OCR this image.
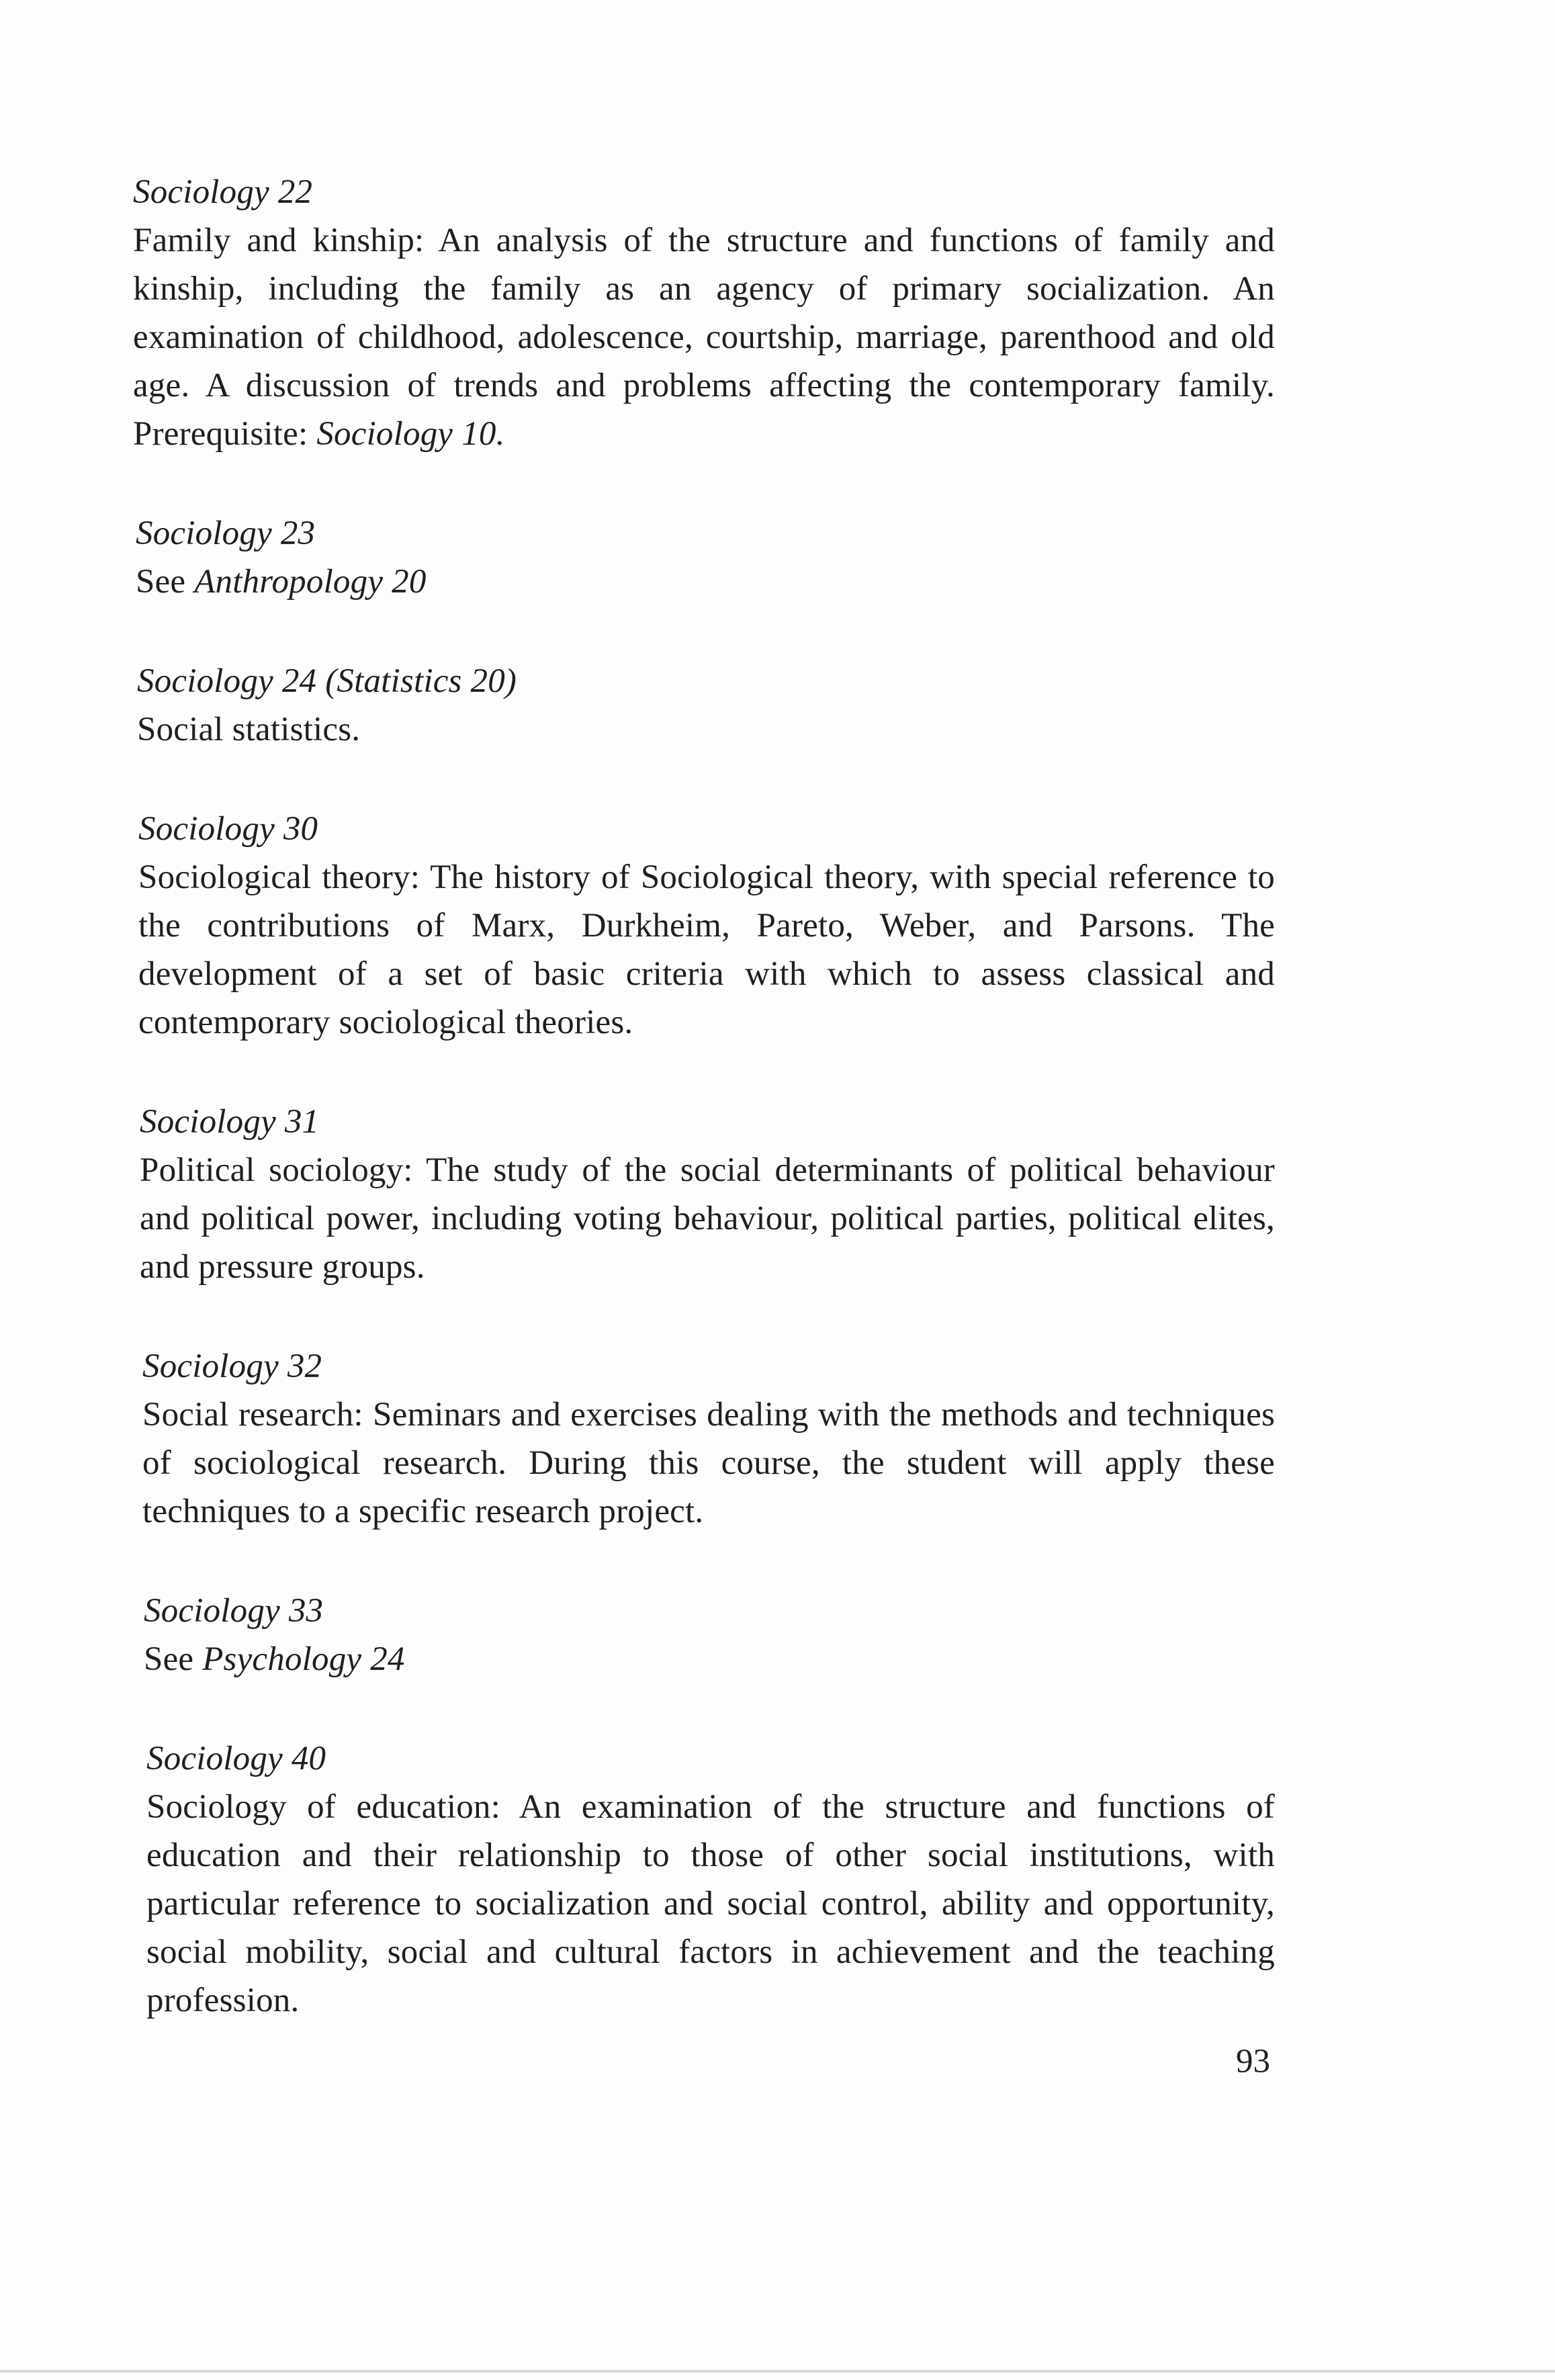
Sociology 22

Family and kinship: An analysis of the structure and functions of family and kinship, including the family as an agency of primary socialization. An examination of childhood, adolescence, courtship, marriage, parenthood and old age. A discussion of trends and problems affecting the contemporary family. Prerequisite: Sociology 10.

Sociology 23

See Anthropology 20

Sociology 24 (Statistics 20)

Social statistics.

Sociology 30

Sociological theory: The history of Sociological theory, with special reference to the contributions of Marx, Durkheim, Pareto, Weber, and Parsons. The development of a set of basic criteria with which to assess classical and contemporary sociological theories.

Sociology 31

Political sociology: The study of the social determinants of political behaviour and political power, including voting behaviour, political parties, political elites, and pressure groups.

Sociology 32

Social research: Seminars and exercises dealing with the methods and techniques of sociological research. During this course, the student will apply these techniques to a specific research project.

Sociology 33

See Psychology 24

Sociology 40

Sociology of education: An examination of the structure and functions of education and their relationship to those of other social institutions, with particular reference to socialization and social control, ability and opportunity, social mobility, social and cultural factors in achievement and the teaching profession.

93
